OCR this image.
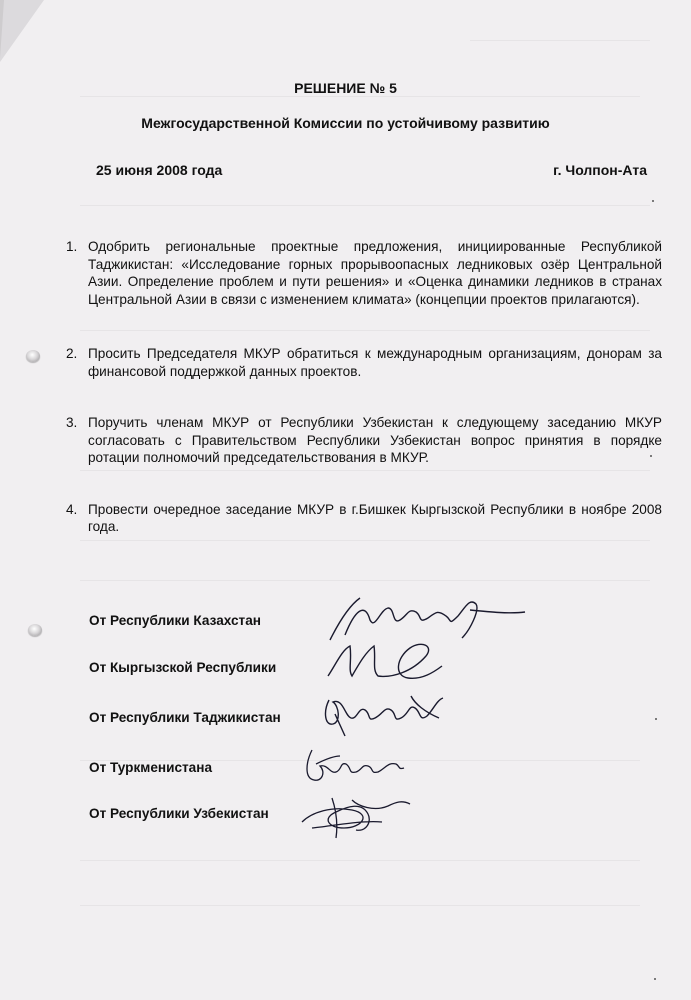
РЕШЕНИЕ № 5
Межгосударственной Комиссии по устойчивому развитию
25 июня 2008 года	г. Чолпон-Ата
1. Одобрить региональные проектные предложения, инициированные Республикой Таджикистан: «Исследование горных прорывоопасных ледниковых озёр Центральной Азии. Определение проблем и пути решения» и «Оценка динамики ледников в странах Центральной Азии в связи с изменением климата» (концепции проектов прилагаются).
2. Просить Председателя МКУР обратиться к международным организациям, донорам за финансовой поддержкой данных проектов.
3. Поручить членам МКУР от Республики Узбекистан к следующему заседанию МКУР согласовать с Правительством Республики Узбекистан вопрос принятия в порядке ротации полномочий председательствования в МКУР.
4. Провести очередное заседание МКУР в г.Бишкек Кыргызской Республики в ноябре 2008 года.
От Республики Казахстан
От Кыргызской Республики
От Республики Таджикистан
От Туркменистана
От Республики Узбекистан
